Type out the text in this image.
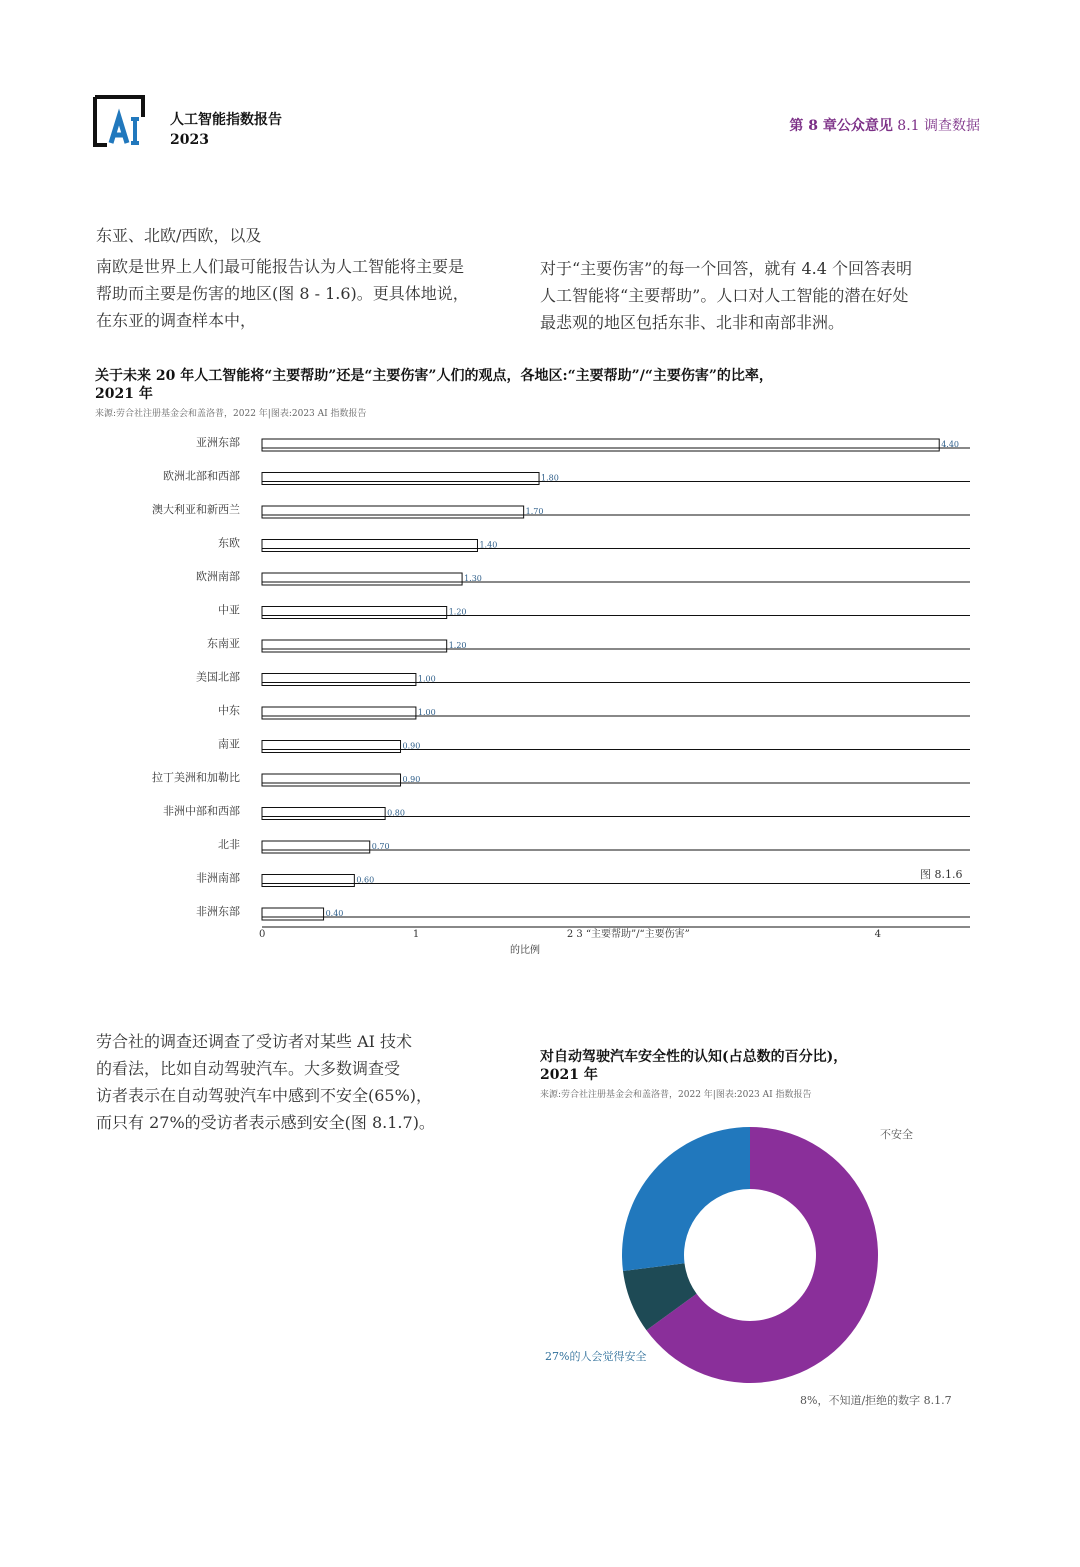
人工智能指数报告
2023
第 8 章公众意见 8.1 调查数据
东亚、北欧/西欧，以及
南欧是世界上人们最可能报告认为人工智能将主要是
帮助而主要是伤害的地区(图 8 - 1.6)。更具体地说，
在东亚的调查样本中，
对于“主要伤害”的每一个回答，就有 4.4 个回答表明
人工智能将“主要帮助”。人口对人工智能的潜在好处
最悲观的地区包括东非、北非和南部非洲。
关于未来 20 年人工智能将“主要帮助”还是“主要伤害”人们的观点，各地区:“主要帮助”/“主要伤害”的比率，
2021 年
来源:劳合社注册基金会和盖洛普，2022 年|图表:2023 AI 指数报告
亚洲东部	4.40
欧洲北部和西部	1.80
澳大利亚和新西兰	1.70
东欧	1.40
欧洲南部	1.30
中亚	1.20
东南亚	1.20
美国北部	1.00
中东	1.00
南亚	0.90
拉丁美洲和加勒比	0.90
非洲中部和西部	0.80
北非	0.70
非洲南部	0.60
非洲东部	0.40
图 8.1.6
0	1	2 3 “主要帮助”/“主要伤害”	4
的比例
劳合社的调查还调查了受访者对某些 AI 技术
的看法，比如自动驾驶汽车。大多数调查受
访者表示在自动驾驶汽车中感到不安全(65%)，
而只有 27%的受访者表示感到安全(图 8.1.7)。
对自动驾驶汽车安全性的认知(占总数的百分比)，
2021 年
来源:劳合社注册基金会和盖洛普，2022 年|图表:2023 AI 指数报告
不安全
27%的人会觉得安全
8%，不知道/拒绝的数字 8.1.7
